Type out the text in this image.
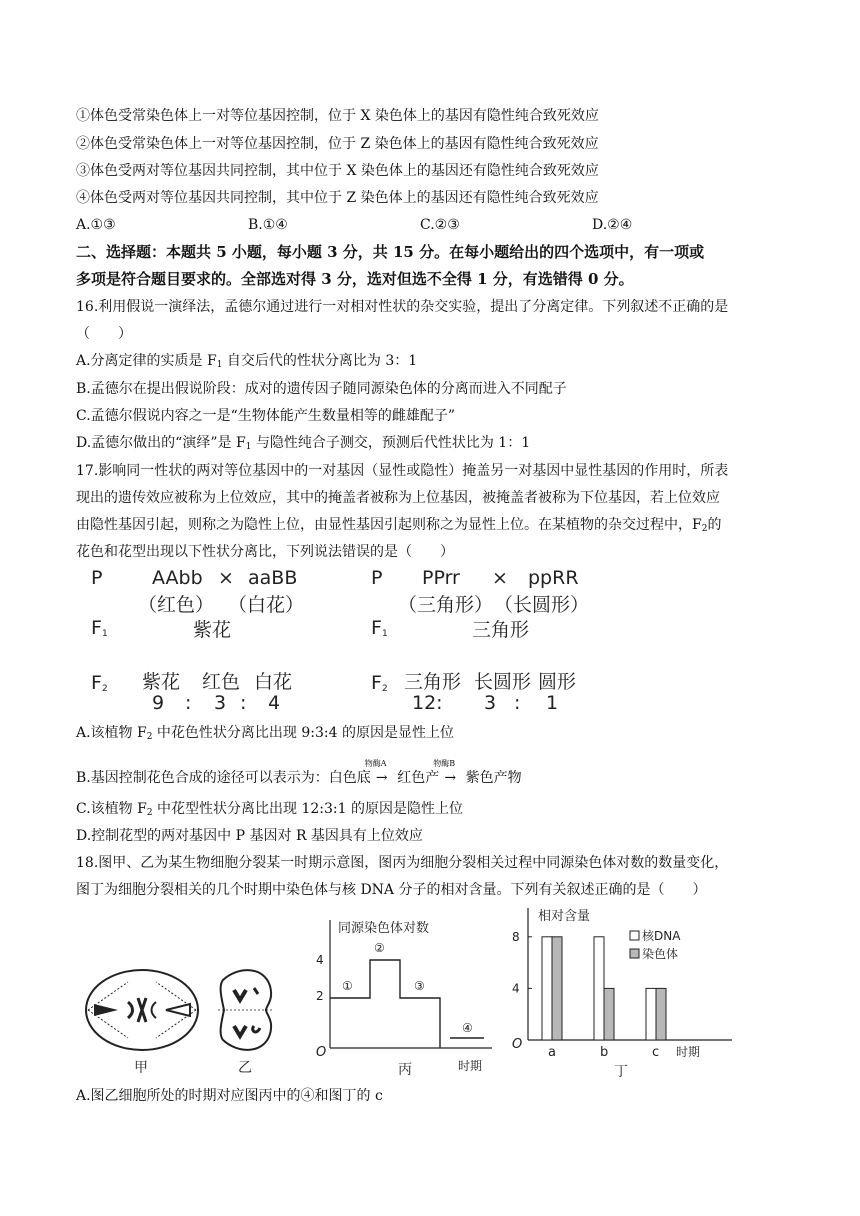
①体色受常染色体上一对等位基因控制，位于 X 染色体上的基因有隐性纯合致死效应
②体色受常染色体上一对等位基因控制，位于 Z 染色体上的基因有隐性纯合致死效应
③体色受两对等位基因共同控制，其中位于 X 染色体上的基因还有隐性纯合致死效应
④体色受两对等位基因共同控制，其中位于 Z 染色体上的基因还有隐性纯合致死效应
A.①③	B.①④	C.②③	D.②④
二、选择题：本题共 5 小题，每小题 3 分，共 15 分。在每小题给出的四个选项中，有一项或
多项是符合题目要求的。全部选对得 3 分，选对但选不全得 1 分，有选错得 0 分。
16.利用假说一演绎法，孟德尔通过进行一对相对性状的杂交实验，提出了分离定律。下列叙述不正确的是
（　　）
A.分离定律的实质是 $F_1$ 自交后代的性状分离比为 3：1
B.孟德尔在提出假说阶段：成对的遗传因子随同源染色体的分离而进入不同配子
C.孟德尔假说内容之一是“生物体能产生数量相等的雌雄配子”
D.孟德尔做出的“演绎”是 $F_1$ 与隐性纯合子测交，预测后代性状比为 1：1
17.影响同一性状的两对等位基因中的一对基因（显性或隐性）掩盖另一对基因中显性基因的作用时，所表
现出的遗传效应被称为上位效应，其中的掩盖者被称为上位基因，被掩盖者被称为下位基因，若上位效应
由隐性基因引起，则称之为隐性上位，由显性基因引起则称之为显性上位。在某植物的杂交过程中，$F_2$的
花色和花型出现以下性状分离比，下列说法错误的是（　　）
P	AAbb × aaBB
（红色） （白花）
$F_1$	紫花
$F_2$ 紫花 红色 白花
9 : 3 : 4
P PPrr × ppRR
（三角形） （长圆形）
$F_1$	三角形
$F_2$ 三角形 长圆形 圆形
12: 3 : 1
A.该植物 $F_2$ 中花色性状分离比出现 9:3:4 的原因是显性上位
B.基因控制花色合成的途径可以表示为：白色底
物酶A
→ 红色产
物酶B
→ 紫色产物
C.该植物 $F_2$ 中花型性状分离比出现 12:3:1 的原因是隐性上位
D.控制花型的两对基因中 P 基因对 R 基因具有上位效应
18.图甲、乙为某生物细胞分裂某一时期示意图，图丙为细胞分裂相关过程中同源染色体对数的数量变化，
图丁为细胞分裂相关的几个时期中染色体与核 DNA 分子的相对含量。下列有关叙述正确的是（　　）
甲	乙
同源染色体对数
4
2
O
时期
①
②
③
④
丙
相对含量
O	时期
8
4
a	b	c
核DNA
染色体
丁
A.图乙细胞所处的时期对应图丙中的④和图丁的 c
